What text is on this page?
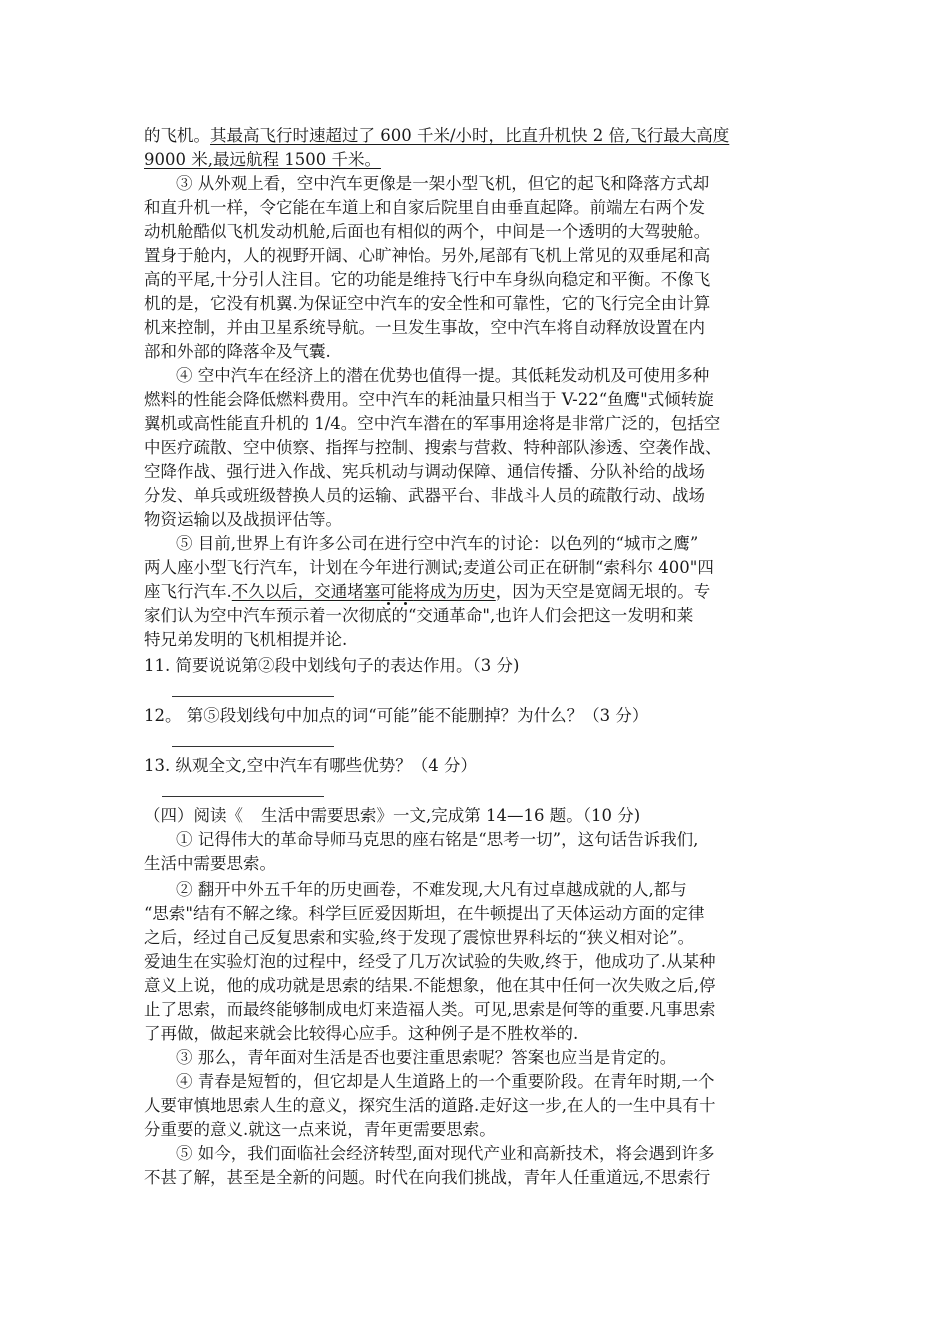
的飞机。其最高飞行时速超过了 600 千米/小时，比直升机快 2 倍,飞行最大高度
9000 米,最远航程 1500 千米。
③ 从外观上看，空中汽车更像是一架小型飞机，但它的起飞和降落方式却
和直升机一样，令它能在车道上和自家后院里自由垂直起降。前端左右两个发
动机舱酷似飞机发动机舱,后面也有相似的两个，中间是一个透明的大驾驶舱。
置身于舱内，人的视野开阔、心旷神怡。另外,尾部有飞机上常见的双垂尾和高
高的平尾,十分引人注目。它的功能是维持飞行中车身纵向稳定和平衡。不像飞
机的是，它没有机翼.为保证空中汽车的安全性和可靠性，它的飞行完全由计算
机来控制，并由卫星系统导航。一旦发生事故，空中汽车将自动释放设置在内
部和外部的降落伞及气囊.
④ 空中汽车在经济上的潜在优势也值得一提。其低耗发动机及可使用多种
燃料的性能会降低燃料费用。空中汽车的耗油量只相当于 V-22“鱼鹰"式倾转旋
翼机或高性能直升机的 1/4。空中汽车潜在的军事用途将是非常广泛的，包括空
中医疗疏散、空中侦察、指挥与控制、搜索与营救、特种部队渗透、空袭作战、
空降作战、强行进入作战、宪兵机动与调动保障、通信传播、分队补给的战场
分发、单兵或班级替换人员的运输、武器平台、非战斗人员的疏散行动、战场
物资运输以及战损评估等。
⑤ 目前,世界上有许多公司在进行空中汽车的讨论：以色列的“城市之鹰”
两人座小型飞行汽车，计划在今年进行测试;麦道公司正在研制“索科尔 400"四
座飞行汽车.不久以后，交通堵塞可能将成为历史，因为天空是宽阔无垠的。专
家们认为空中汽车预示着一次彻底的“交通革命",也许人们会把这一发明和莱
特兄弟发明的飞机相提并论.
11. 简要说说第②段中划线句子的表达作用。（3 分)
12。 第⑤段划线句中加点的词“可能”能不能删掉？为什么？（3 分）
13. 纵观全文,空中汽车有哪些优势？（4 分）
（四）阅读《 生活中需要思索》一文,完成第 14—16 题。（10 分)
① 记得伟大的革命导师马克思的座右铭是“思考一切”，这句话告诉我们,
生活中需要思索。
② 翻开中外五千年的历史画卷，不难发现,大凡有过卓越成就的人,都与
“思索"结有不解之缘。科学巨匠爱因斯坦，在牛顿提出了天体运动方面的定律
之后，经过自己反复思索和实验,终于发现了震惊世界科坛的“狭义相对论”。
爱迪生在实验灯泡的过程中，经受了几万次试验的失败,终于，他成功了.从某种
意义上说，他的成功就是思索的结果.不能想象，他在其中任何一次失败之后,停
止了思索，而最终能够制成电灯来造福人类。可见,思索是何等的重要.凡事思索
了再做，做起来就会比较得心应手。这种例子是不胜枚举的.
③ 那么，青年面对生活是否也要注重思索呢？答案也应当是肯定的。
④ 青春是短暂的，但它却是人生道路上的一个重要阶段。在青年时期,一个
人要审慎地思索人生的意义，探究生活的道路.走好这一步,在人的一生中具有十
分重要的意义.就这一点来说，青年更需要思索。
⑤ 如今，我们面临社会经济转型,面对现代产业和高新技术，将会遇到许多
不甚了解，甚至是全新的问题。时代在向我们挑战，青年人任重道远,不思索行
